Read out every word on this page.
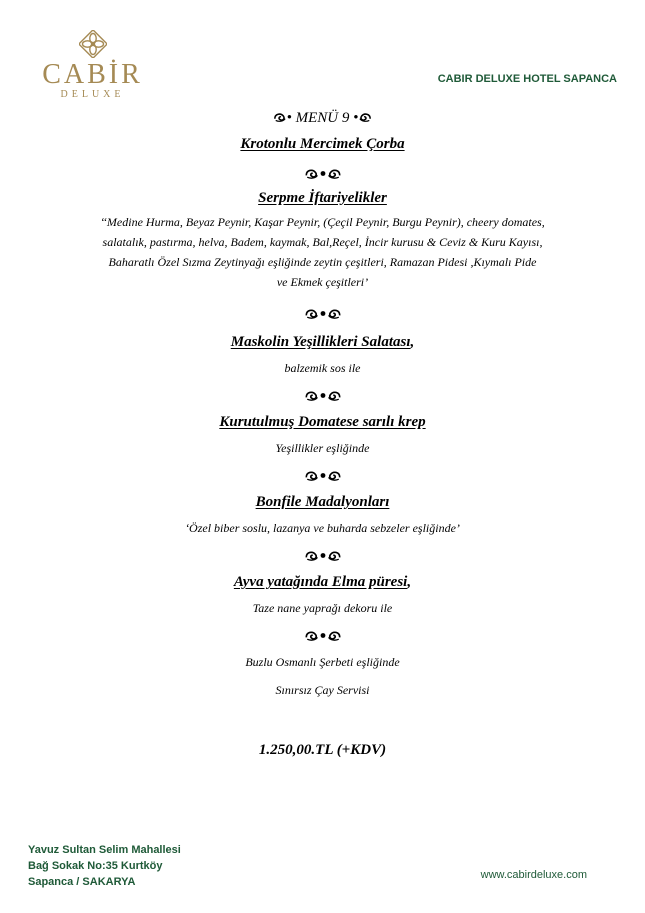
CABİR
DELUXE
CABIR DELUXE HOTEL SAPANCA
• MENÜ 9 •
Krotonlu Mercimek Çorba
Serpme İftariyelikler
‘‘Medine Hurma, Beyaz Peynir, Kaşar Peynir, (Çeçil Peynir, Burgu Peynir), cheery domates,
salatalık, pastırma, helva, Badem, kaymak, Bal,Reçel, İncir kurusu & Ceviz & Kuru Kayısı,
Baharatlı Özel Sızma Zeytinyağı eşliğinde zeytin çeşitleri, Ramazan Pidesi ,Kıymalı Pide
ve Ekmek çeşitleri’
Maskolin Yeşillikleri Salatası,
balzemik sos ile
Kurutulmuş Domatese sarılı krep
Yeşillikler eşliğinde
Bonfile Madalyonları
‘Özel biber soslu, lazanya ve buharda sebzeler eşliğinde’
Ayva yatağında Elma püresi,
Taze nane yaprağı dekoru ile
Buzlu Osmanlı Şerbeti eşliğinde
Sınırsız Çay Servisi
1.250,00.TL (+KDV)
Yavuz Sultan Selim Mahallesi
Bağ Sokak No:35 Kurtköy
Sapanca / SAKARYA
www.cabirdeluxe.com
